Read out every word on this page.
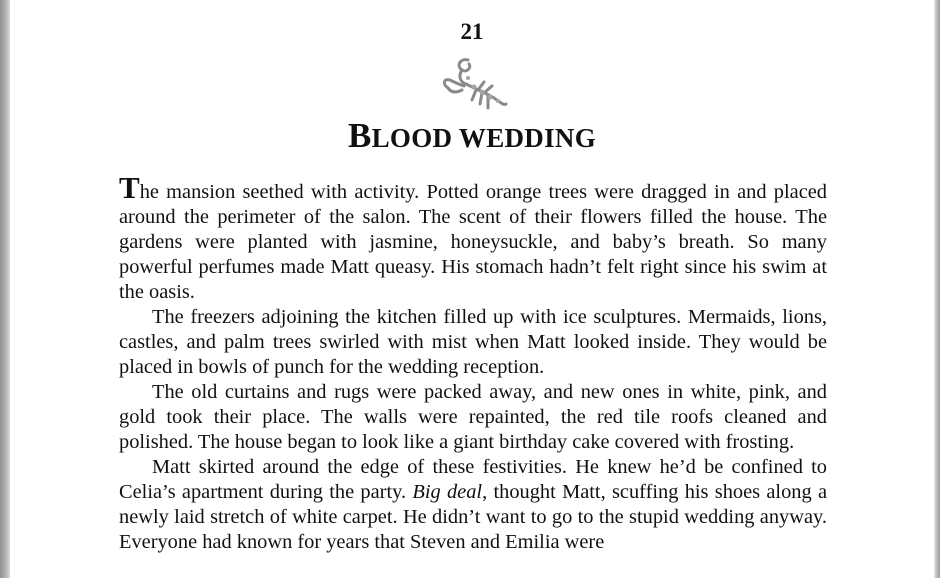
21
BLOOD WEDDING

The mansion seethed with activity. Potted orange trees were dragged in and placed around the perimeter of the salon. The scent of their flowers filled the house. The gardens were planted with jasmine, honeysuckle, and baby’s breath. So many powerful perfumes made Matt queasy. His stomach hadn’t felt right since his swim at the oasis.

The freezers adjoining the kitchen filled up with ice sculptures. Mermaids, lions, castles, and palm trees swirled with mist when Matt looked inside. They would be placed in bowls of punch for the wedding reception.

The old curtains and rugs were packed away, and new ones in white, pink, and gold took their place. The walls were repainted, the red tile roofs cleaned and polished. The house began to look like a giant birthday cake covered with frosting.

Matt skirted around the edge of these festivities. He knew he’d be confined to Celia’s apartment during the party. Big deal, thought Matt, scuffing his shoes along a newly laid stretch of white carpet. He didn’t want to go to the stupid wedding anyway. Everyone had known for years that Steven and Emilia were
